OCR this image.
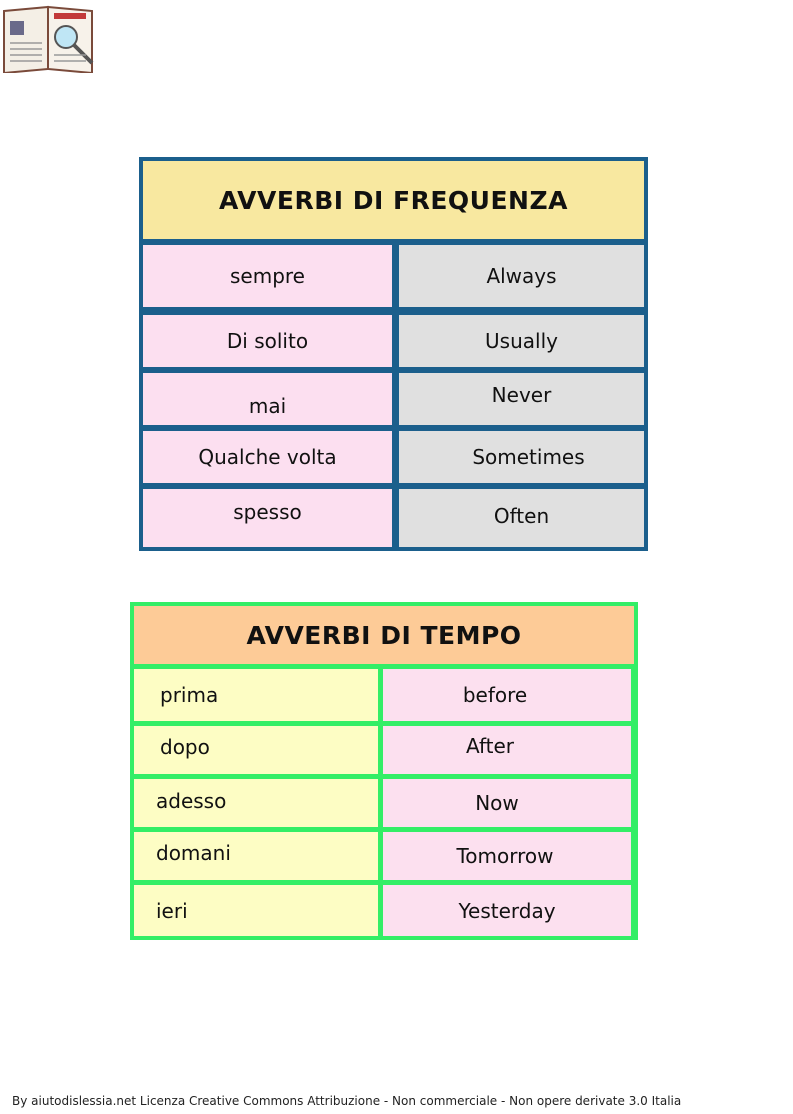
AVVERBI DI FREQUENZA
sempre	Always
Di solito	Usually
mai	Never
Qualche volta	Sometimes
spesso	Often
AVVERBI DI TEMPO
prima	before
dopo	After
adesso	Now
domani	Tomorrow
ieri	Yesterday
By aiutodislessia.net Licenza Creative Commons Attribuzione - Non commerciale - Non opere derivate 3.0 Italia
